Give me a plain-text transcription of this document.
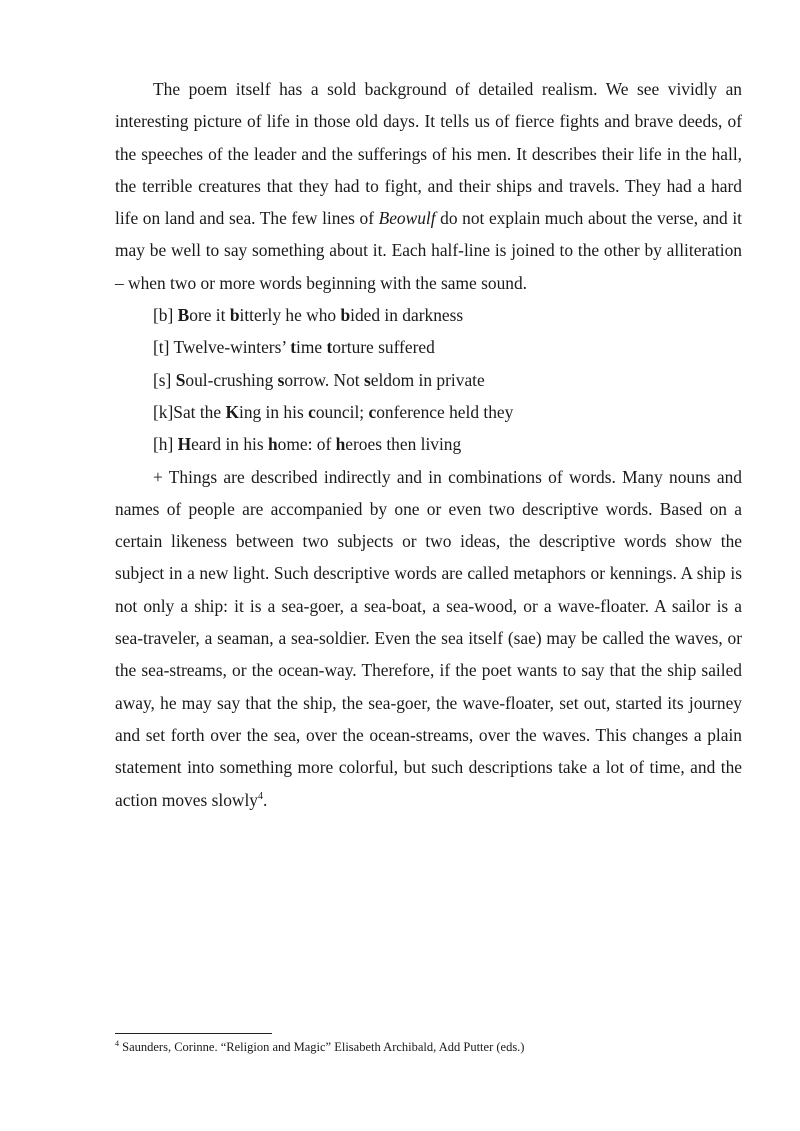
The poem itself has a sold background of detailed realism. We see vividly an interesting picture of life in those old days. It tells us of fierce fights and brave deeds, of the speeches of the leader and the sufferings of his men. It describes their life in the hall, the terrible creatures that they had to fight, and their ships and travels. They had a hard life on land and sea. The few lines of Beowulf do not explain much about the verse, and it may be well to say something about it. Each half-line is joined to the other by alliteration – when two or more words beginning with the same sound.

[b] Bore it bitterly he who bided in darkness

[t] Twelve-winters’ time torture suffered

[s] Soul-crushing sorrow. Not seldom in private

[k]Sat the King in his council; conference held they

[h] Heard in his home: of heroes then living

+ Things are described indirectly and in combinations of words. Many nouns and names of people are accompanied by one or even two descriptive words. Based on a certain likeness between two subjects or two ideas, the descriptive words show the subject in a new light. Such descriptive words are called metaphors or kennings. A ship is not only a ship: it is a sea-goer, a sea-boat, a sea-​wood, or a wave-floater. A sailor is a sea-traveler, a seaman, a sea-soldier. Even the sea itself (sae) may be called the waves, or the sea-streams, or the ocean-way. Therefore, if the poet wants to say that the ship sailed away, he may say that the ship, the sea-goer, the wave-floater, set out, started its journey and set forth over the sea, over the ocean-streams, over the waves. This changes a plain statement into something more colorful, but such descriptions take a lot of time, and the action moves slowly$^4$.

$^4$ Saunders, Corinne. “Religion and Magic” Elisabeth Archibald, Add Putter (eds.)
